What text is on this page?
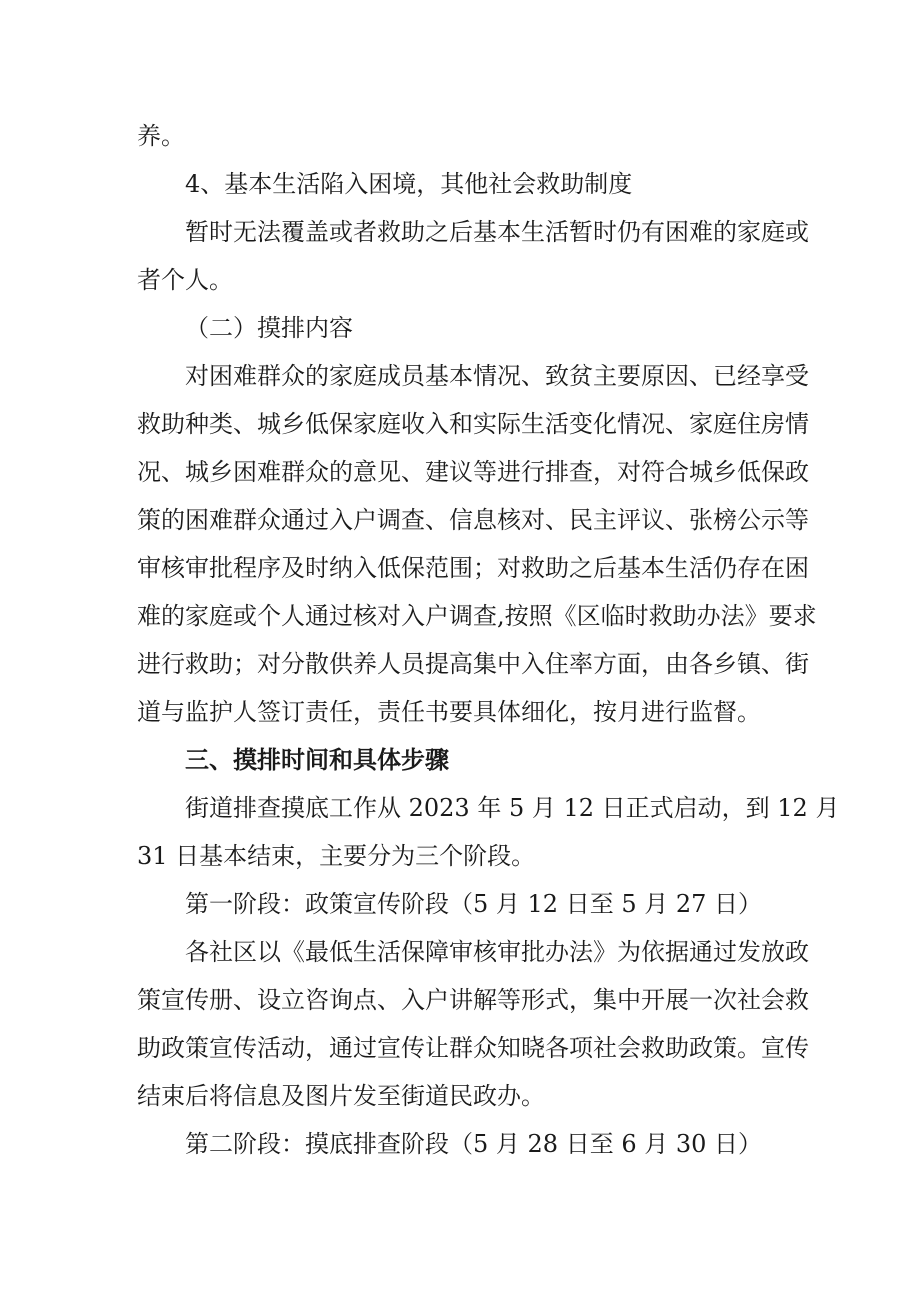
养。
4、基本生活陷入困境，其他社会救助制度
暂时无法覆盖或者救助之后基本生活暂时仍有困难的家庭或
者个人。
（二）摸排内容
对困难群众的家庭成员基本情况、致贫主要原因、已经享受
救助种类、城乡低保家庭收入和实际生活变化情况、家庭住房情
况、城乡困难群众的意见、建议等进行排查，对符合城乡低保政
策的困难群众通过入户调查、信息核对、民主评议、张榜公示等
审核审批程序及时纳入低保范围；对救助之后基本生活仍存在困
难的家庭或个人通过核对入户调查,按照《区临时救助办法》要求
进行救助；对分散供养人员提高集中入住率方面，由各乡镇、街
道与监护人签订责任，责任书要具体细化，按月进行监督。
三、摸排时间和具体步骤
街道排查摸底工作从 2023 年 5 月 12 日正式启动，到 12 月
31 日基本结束，主要分为三个阶段。
第一阶段：政策宣传阶段（5 月 12 日至 5 月 27 日）
各社区以《最低生活保障审核审批办法》为依据通过发放政
策宣传册、设立咨询点、入户讲解等形式，集中开展一次社会救
助政策宣传活动，通过宣传让群众知晓各项社会救助政策。宣传
结束后将信息及图片发至街道民政办。
第二阶段：摸底排查阶段（5 月 28 日至 6 月 30 日）
